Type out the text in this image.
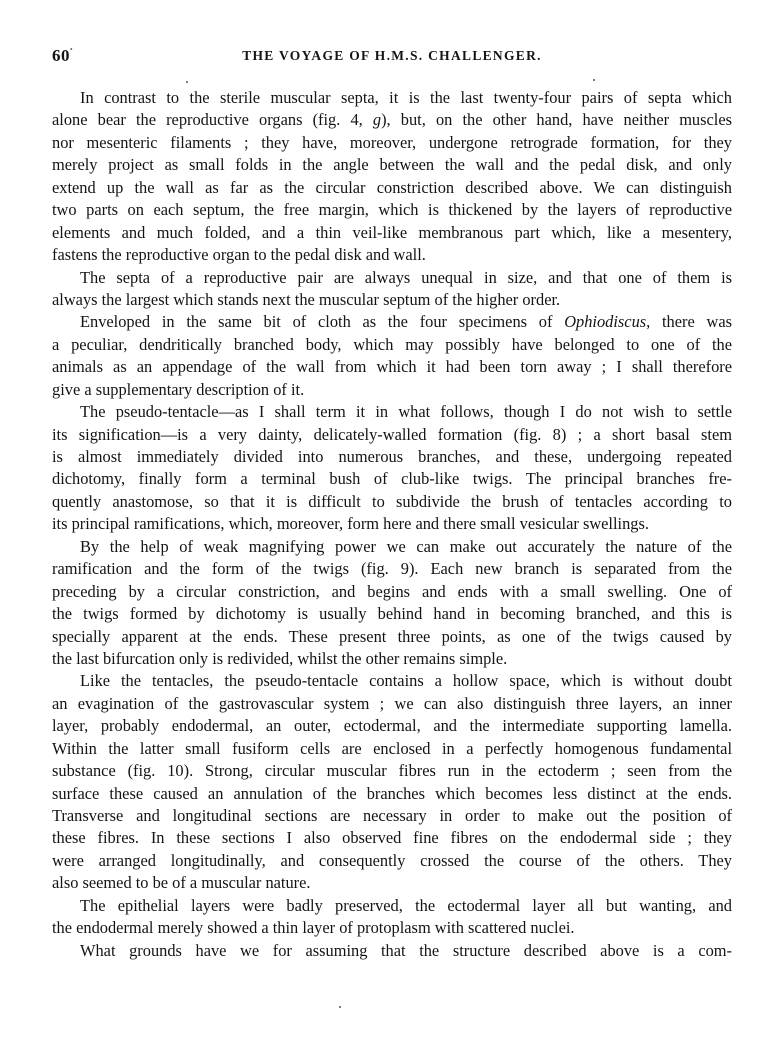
60˚	THE VOYAGE OF H.M.S. CHALLENGER.
In contrast to the sterile muscular septa, it is the last twenty-four pairs of septa which
alone bear the reproductive organs (fig. 4, g), but, on the other hand, have neither muscles
nor mesenteric filaments ; they have, moreover, undergone retrograde formation, for they
merely project as small folds in the angle between the wall and the pedal disk, and only
extend up the wall as far as the circular constriction described above. We can distinguish
two parts on each septum, the free margin, which is thickened by the layers of reproductive
elements and much folded, and a thin veil-like membranous part which, like a mesentery,
fastens the reproductive organ to the pedal disk and wall.
The septa of a reproductive pair are always unequal in size, and that one of them is
always the largest which stands next the muscular septum of the higher order.
Enveloped in the same bit of cloth as the four specimens of Ophiodiscus, there was
a peculiar, dendritically branched body, which may possibly have belonged to one of the
animals as an appendage of the wall from which it had been torn away ; I shall therefore
give a supplementary description of it.
The pseudo-tentacle—as I shall term it in what follows, though I do not wish to settle
its signification—is a very dainty, delicately-walled formation (fig. 8) ; a short basal stem
is almost immediately divided into numerous branches, and these, undergoing repeated
dichotomy, finally form a terminal bush of club-like twigs. The principal branches fre-
quently anastomose, so that it is difficult to subdivide the brush of tentacles according to
its principal ramifications, which, moreover, form here and there small vesicular swellings.
By the help of weak magnifying power we can make out accurately the nature of the
ramification and the form of the twigs (fig. 9). Each new branch is separated from the
preceding by a circular constriction, and begins and ends with a small swelling. One of
the twigs formed by dichotomy is usually behind hand in becoming branched, and this is
specially apparent at the ends. These present three points, as one of the twigs caused by
the last bifurcation only is redivided, whilst the other remains simple.
Like the tentacles, the pseudo-tentacle contains a hollow space, which is without doubt
an evagination of the gastrovascular system ; we can also distinguish three layers, an inner
layer, probably endodermal, an outer, ectodermal, and the intermediate supporting lamella.
Within the latter small fusiform cells are enclosed in a perfectly homogenous fundamental
substance (fig. 10). Strong, circular muscular fibres run in the ectoderm ; seen from the
surface these caused an annulation of the branches which becomes less distinct at the ends.
Transverse and longitudinal sections are necessary in order to make out the position of
these fibres. In these sections I also observed fine fibres on the endodermal side ; they
were arranged longitudinally, and consequently crossed the course of the others. They
also seemed to be of a muscular nature.
The epithelial layers were badly preserved, the ectodermal layer all but wanting, and
the endodermal merely showed a thin layer of protoplasm with scattered nuclei.
What grounds have we for assuming that the structure described above is a com-
